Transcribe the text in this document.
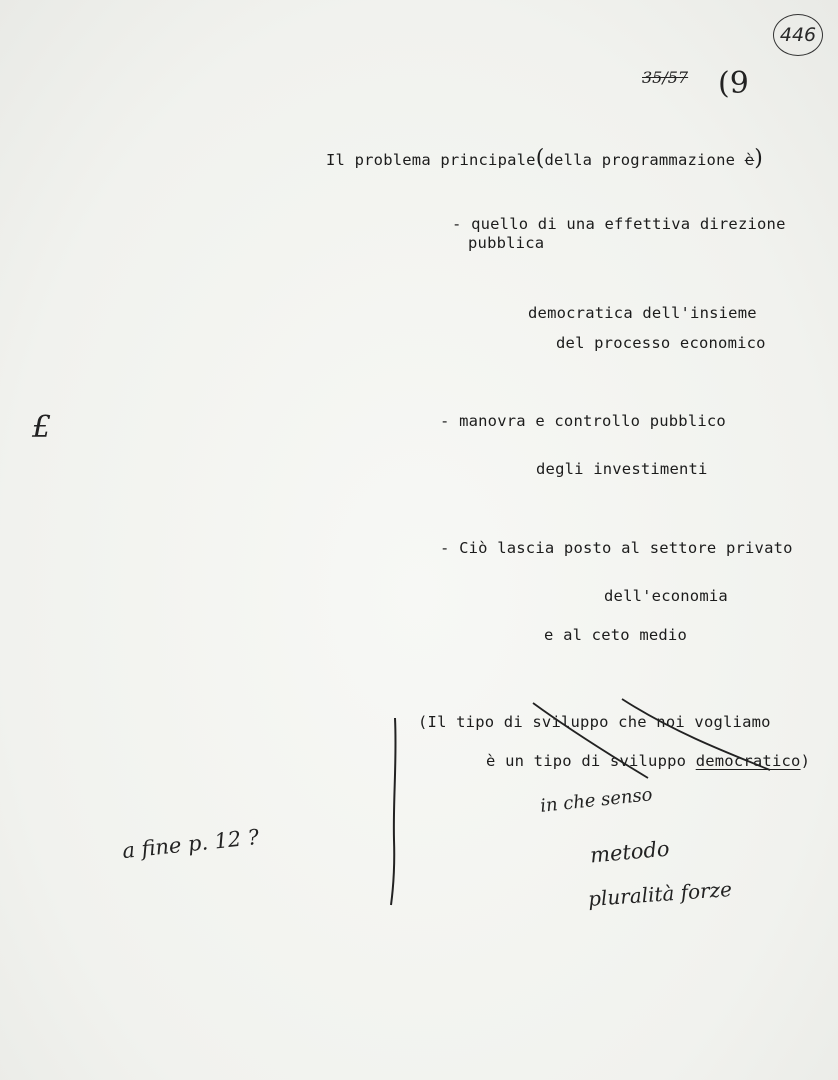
446
35/57 (9
Il problema principale(della programmazione è)
- quello di una effettiva direzione
pubblica
democratica dell'insieme
del processo economico
- manovra e controllo pubblico
degli investimenti
- Ciò lascia posto al settore privato
dell'economia
e al ceto medio
(Il tipo di sviluppo che noi vogliamo
è un tipo di sviluppo democratico)
£
a fine p. 12 ?
in che senso
metodo
pluralità forze
